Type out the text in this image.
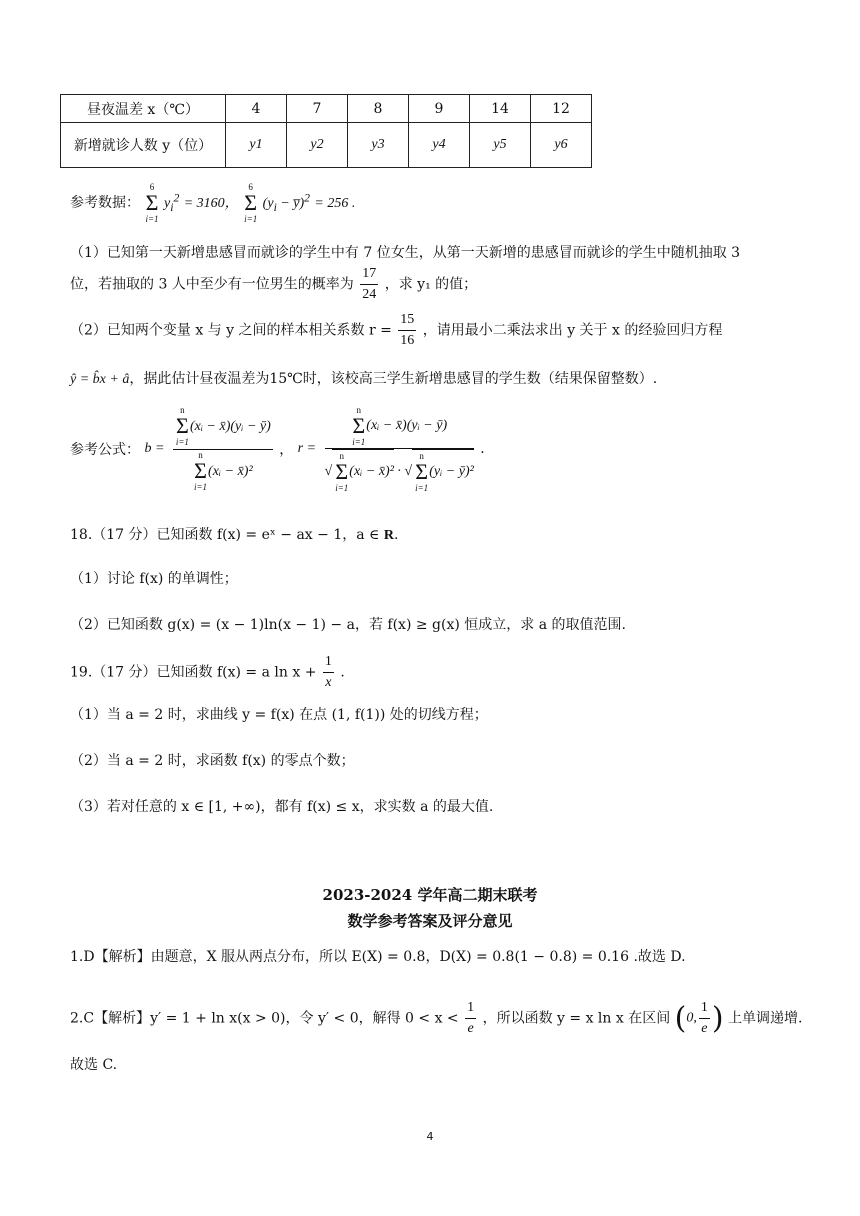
昼夜温差 x（℃）	4	7	8	9	14	12
新增就诊人数 y（位）	y1	y2	y3	y4	y5	y6
参考数据： 6
Σ
i=1 $y_i^2 = 3160$， 6
Σ
i=1 ($y_i$ − y̅)$^2$ = 256 .
（1）已知第一天新增患感冒而就诊的学生中有 7 位女生，从第一天新增的患感冒而就诊的学生中随机抽取 3
位，若抽取的 3 人中至少有一位男生的概率为 $\frac{17}{24}$ ，求 y₁ 的值；
（2）已知两个变量 x 与 y 之间的样本相关系数 $r = \frac{15}{16}$ ，请用最小二乘法求出 y 关于 x 的经验回归方程
ŷ = b̂x + â，据此估计昼夜温差为15℃时，该校高三学生新增患感冒的学生数（结果保留整数）.
参考公式： b = n
Σ
i=1(xᵢ − x̄)(yᵢ − ȳ)
n
Σ
i=1(xᵢ − x̄)² ， r = n
Σ
i=1(xᵢ − x̄)(yᵢ − ȳ)
√n
Σ
i=1(xᵢ − x̄)² · √n
Σ
i=1(yᵢ − ȳ)² .
18.（17 分）已知函数 f(x) = eˣ − ax − 1，a ∈ R.
（1）讨论 f(x) 的单调性；
（2）已知函数 g(x) = (x − 1)ln(x − 1) − a，若 f(x) ≥ g(x) 恒成立，求 a 的取值范围.
19.（17 分）已知函数 f(x) = a $\ln x + \frac{1}{x}$ .
（1）当 a = 2 时，求曲线 y = f(x) 在点 (1, f(1)) 处的切线方程；
（2）当 a = 2 时，求函数 f(x) 的零点个数；
（3）若对任意的 x ∈ [1, +∞)，都有 f(x) ≤ x，求实数 a 的最大值.
2023-2024 学年高二期末联考
数学参考答案及评分意见
1.D【解析】由题意，X 服从两点分布，所以 E(X) = 0.8，D(X) = 0.8(1 − 0.8) = 0.16 .故选 D.
2.C【解析】y′ = 1 + ln x(x > 0)，令 y′ < 0，解得 $0 < x < \frac{1}{e}$ ，所以函数 y = x ln x 在区间 (0, $\frac{1}{e}$ ) 上单调递增.
故选 C.
4
